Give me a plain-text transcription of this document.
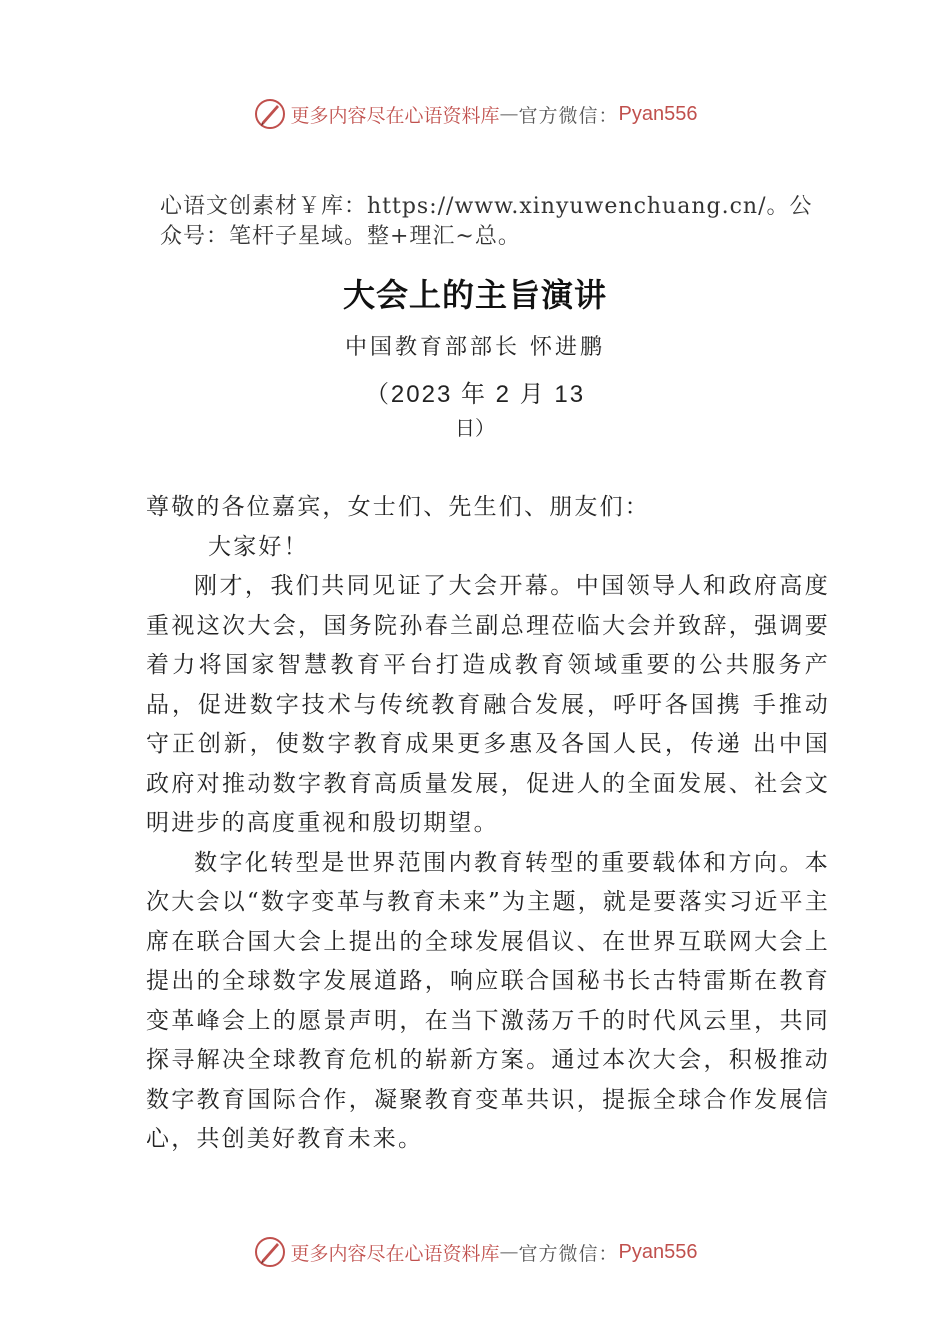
更多内容尽在心语资料库 — 官方微信： Pyan556
心语文创素材￥库：https://www.xinyuwenchuang.cn/。公众号：笔杆子星域。整+理汇~总。
大会上的主旨演讲
中国教育部部长 怀进鹏
（2023 年 2 月 13
日）

尊敬的各位嘉宾，女士们、先生们、朋友们：

大家好！

刚才，我们共同见证了大会开幕。中国领导人和政府高度重视这次大会，国务院孙春兰副总理莅临大会并致辞，强调要着力将国家智慧教育平台打造成教育领域重要的公共服务产品，促进数字技术与传统教育融合发展，呼吁各国携 手推动守正创新，使数字教育成果更多惠及各国人民，传递 出中国政府对推动数字教育高质量发展，促进人的全面发展、社会文明进步的高度重视和殷切期望。

数字化转型是世界范围内教育转型的重要载体和方向。本次大会以“数字变革与教育未来”为主题，就是要落实习近平主席在联合国大会上提出的全球发展倡议、在世界互联网大会上提出的全球数字发展道路，响应联合国秘书长古特雷斯在教育变革峰会上的愿景声明，在当下激荡万千的时代风云里，共同探寻解决全球教育危机的崭新方案。通过本次大会，积极推动数字教育国际合作，凝聚教育变革共识，提振全球合作发展信心，共创美好教育未来。

更多内容尽在心语资料库 — 官方微信： Pyan556
